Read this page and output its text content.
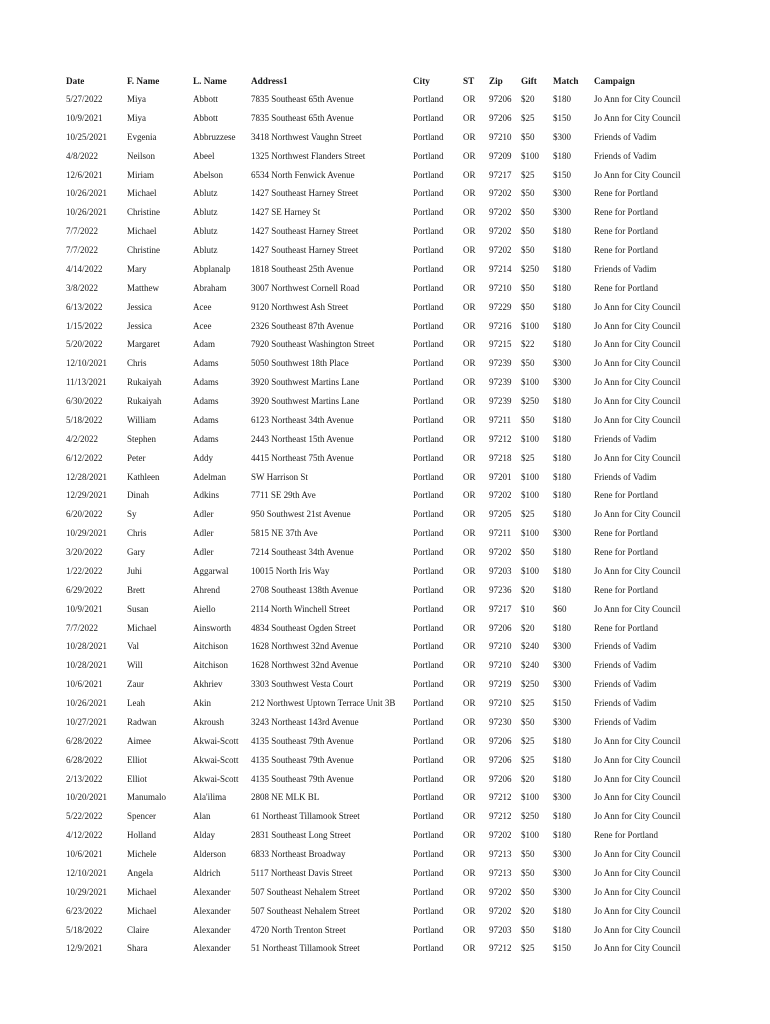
Date	F. Name	L. Name	Address1	City	ST	Zip	Gift	Match	Campaign
5/27/2022	Miya	Abbott	7835 Southeast 65th Avenue	Portland	OR	97206	$20	$180	Jo Ann for City Council
10/9/2021	Miya	Abbott	7835 Southeast 65th Avenue	Portland	OR	97206	$25	$150	Jo Ann for City Council
10/25/2021	Evgenia	Abbruzzese	3418 Northwest Vaughn Street	Portland	OR	97210	$50	$300	Friends of Vadim
4/8/2022	Neilson	Abeel	1325 Northwest Flanders Street	Portland	OR	97209	$100	$180	Friends of Vadim
12/6/2021	Miriam	Abelson	6534 North Fenwick Avenue	Portland	OR	97217	$25	$150	Jo Ann for City Council
10/26/2021	Michael	Ablutz	1427 Southeast Harney Street	Portland	OR	97202	$50	$300	Rene for Portland
10/26/2021	Christine	Ablutz	1427 SE Harney St	Portland	OR	97202	$50	$300	Rene for Portland
7/7/2022	Michael	Ablutz	1427 Southeast Harney Street	Portland	OR	97202	$50	$180	Rene for Portland
7/7/2022	Christine	Ablutz	1427 Southeast Harney Street	Portland	OR	97202	$50	$180	Rene for Portland
4/14/2022	Mary	Abplanalp	1818 Southeast 25th Avenue	Portland	OR	97214	$250	$180	Friends of Vadim
3/8/2022	Matthew	Abraham	3007 Northwest Cornell Road	Portland	OR	97210	$50	$180	Rene for Portland
6/13/2022	Jessica	Acee	9120 Northwest Ash Street	Portland	OR	97229	$50	$180	Jo Ann for City Council
1/15/2022	Jessica	Acee	2326 Southeast 87th Avenue	Portland	OR	97216	$100	$180	Jo Ann for City Council
5/20/2022	Margaret	Adam	7920 Southeast Washington Street	Portland	OR	97215	$22	$180	Jo Ann for City Council
12/10/2021	Chris	Adams	5050 Southwest 18th Place	Portland	OR	97239	$50	$300	Jo Ann for City Council
11/13/2021	Rukaiyah	Adams	3920 Southwest Martins Lane	Portland	OR	97239	$100	$300	Jo Ann for City Council
6/30/2022	Rukaiyah	Adams	3920 Southwest Martins Lane	Portland	OR	97239	$250	$180	Jo Ann for City Council
5/18/2022	William	Adams	6123 Northeast 34th Avenue	Portland	OR	97211	$50	$180	Jo Ann for City Council
4/2/2022	Stephen	Adams	2443 Northeast 15th Avenue	Portland	OR	97212	$100	$180	Friends of Vadim
6/12/2022	Peter	Addy	4415 Northeast 75th Avenue	Portland	OR	97218	$25	$180	Jo Ann for City Council
12/28/2021	Kathleen	Adelman	SW Harrison St	Portland	OR	97201	$100	$180	Friends of Vadim
12/29/2021	Dinah	Adkins	7711 SE 29th Ave	Portland	OR	97202	$100	$180	Rene for Portland
6/20/2022	Sy	Adler	950 Southwest 21st Avenue	Portland	OR	97205	$25	$180	Jo Ann for City Council
10/29/2021	Chris	Adler	5815 NE 37th Ave	Portland	OR	97211	$100	$300	Rene for Portland
3/20/2022	Gary	Adler	7214 Southeast 34th Avenue	Portland	OR	97202	$50	$180	Rene for Portland
1/22/2022	Juhi	Aggarwal	10015 North Iris Way	Portland	OR	97203	$100	$180	Jo Ann for City Council
6/29/2022	Brett	Ahrend	2708 Southeast 138th Avenue	Portland	OR	97236	$20	$180	Rene for Portland
10/9/2021	Susan	Aiello	2114 North Winchell Street	Portland	OR	97217	$10	$60	Jo Ann for City Council
7/7/2022	Michael	Ainsworth	4834 Southeast Ogden Street	Portland	OR	97206	$20	$180	Rene for Portland
10/28/2021	Val	Aitchison	1628 Northwest 32nd Avenue	Portland	OR	97210	$240	$300	Friends of Vadim
10/28/2021	Will	Aitchison	1628 Northwest 32nd Avenue	Portland	OR	97210	$240	$300	Friends of Vadim
10/6/2021	Zaur	Akhriev	3303 Southwest Vesta Court	Portland	OR	97219	$250	$300	Friends of Vadim
10/26/2021	Leah	Akin	212 Northwest Uptown Terrace Unit 3B	Portland	OR	97210	$25	$150	Friends of Vadim
10/27/2021	Radwan	Akroush	3243 Northeast 143rd Avenue	Portland	OR	97230	$50	$300	Friends of Vadim
6/28/2022	Aimee	Akwai-Scott	4135 Southeast 79th Avenue	Portland	OR	97206	$25	$180	Jo Ann for City Council
6/28/2022	Elliot	Akwai-Scott	4135 Southeast 79th Avenue	Portland	OR	97206	$25	$180	Jo Ann for City Council
2/13/2022	Elliot	Akwai-Scott	4135 Southeast 79th Avenue	Portland	OR	97206	$20	$180	Jo Ann for City Council
10/20/2021	Manumalo	Ala'ilima	2808 NE MLK BL	Portland	OR	97212	$100	$300	Jo Ann for City Council
5/22/2022	Spencer	Alan	61 Northeast Tillamook Street	Portland	OR	97212	$250	$180	Jo Ann for City Council
4/12/2022	Holland	Alday	2831 Southeast Long Street	Portland	OR	97202	$100	$180	Rene for Portland
10/6/2021	Michele	Alderson	6833 Northeast Broadway	Portland	OR	97213	$50	$300	Jo Ann for City Council
12/10/2021	Angela	Aldrich	5117 Northeast Davis Street	Portland	OR	97213	$50	$300	Jo Ann for City Council
10/29/2021	Michael	Alexander	507 Southeast Nehalem Street	Portland	OR	97202	$50	$300	Jo Ann for City Council
6/23/2022	Michael	Alexander	507 Southeast Nehalem Street	Portland	OR	97202	$20	$180	Jo Ann for City Council
5/18/2022	Claire	Alexander	4720 North Trenton Street	Portland	OR	97203	$50	$180	Jo Ann for City Council
12/9/2021	Shara	Alexander	51 Northeast Tillamook Street	Portland	OR	97212	$25	$150	Jo Ann for City Council
